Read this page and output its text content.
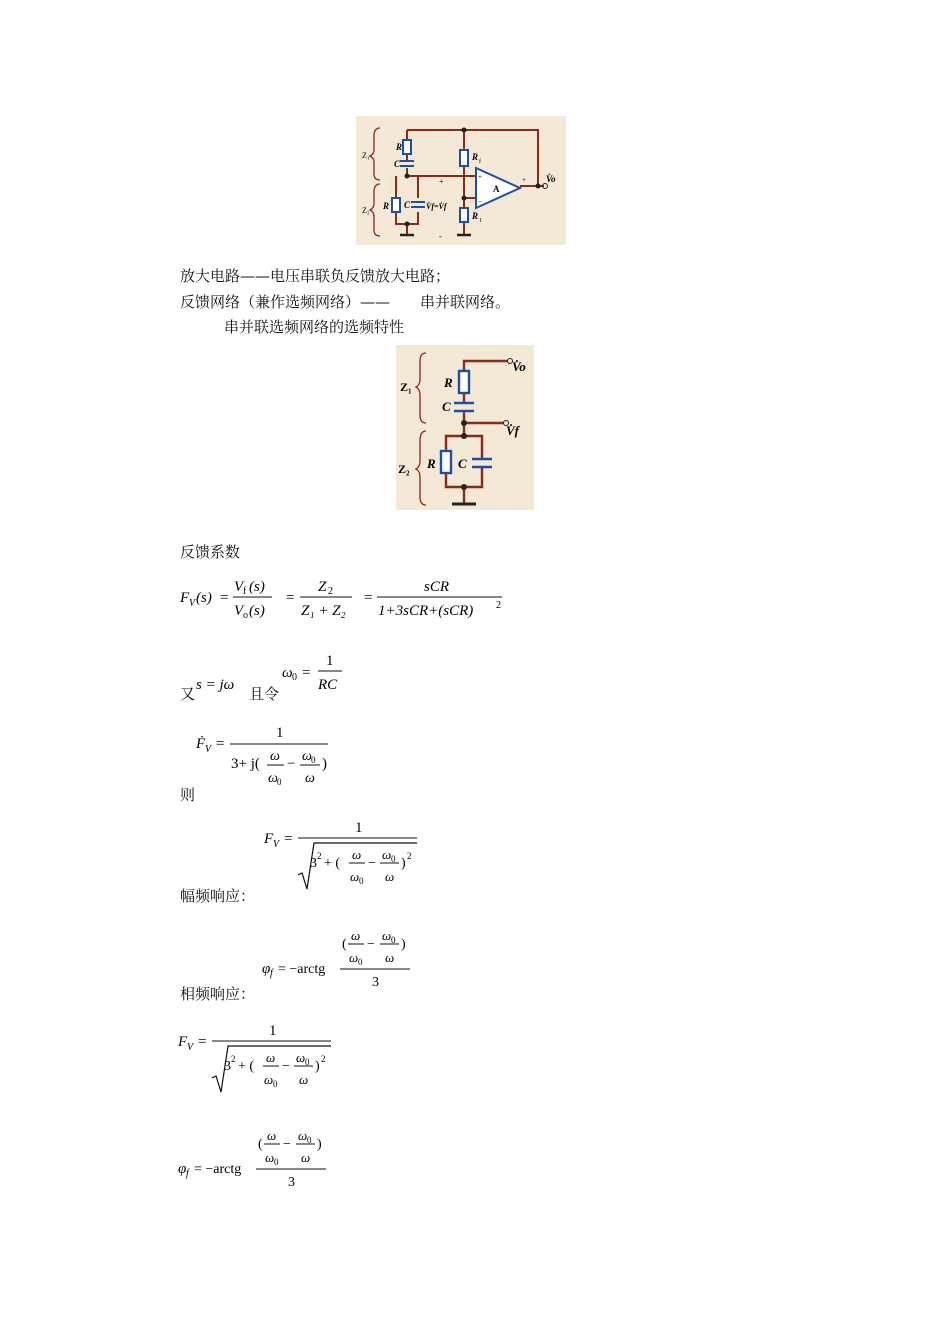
Z₁
Z₂
R
C
R f
R 1
R C
A
+
−
+
V̇f=V̇f
V̇o
+
-
放大电路——电压串联负反馈放大电路；
反馈网络（兼作选频网络）——　　串并联网络。
串并联选频网络的选频特性
Z₁
Z₂
R
C
R C
V̇o
V̇f
反馈系数
F V (s) =
V f (s)
V o (s)
=
Z 2
Z₁ + Z₂
=
sCR
1+3sCR+(sCR) 2
又 s = jω 且令
ω 0 =
1
RC
Ḟ V =
1
3+ j( ω
ω 0
− ω 0
ω
)
则
F V =
1
3 2 + (
ω
ω 0
−
ω 0
ω
) 2
幅频响应：
φ f = −arctg
(
ω
ω 0
−
ω 0
ω
)
3
相频响应：
F V =
1
3 2 + (
ω
ω 0
−
ω 0
ω
) 2
φ f = −arctg
(
ω
ω 0
−
ω 0
ω
)
3
